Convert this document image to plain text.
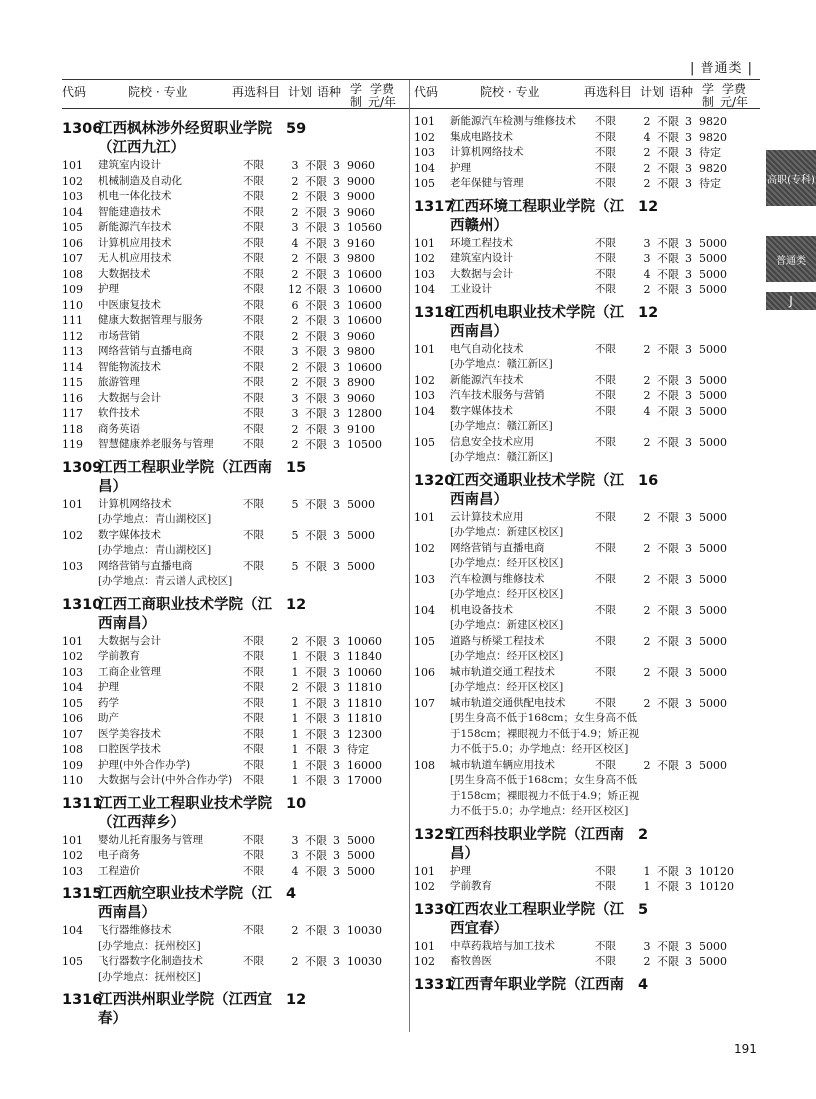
| 普通类 |
代码	院校 · 专业	再选科目 计划 语种 学
制
学费
元/年
1306
江西枫林涉外经贸职业学院（江西九江）
59
101	建筑室内设计	不限	3 不限 3 9060
102	机械制造及自动化	不限	2 不限 3 9000
103	机电一体化技术	不限	2 不限 3 9000
104	智能建造技术	不限	2 不限 3 9060
105	新能源汽车技术	不限	3 不限 3 10560
106	计算机应用技术	不限	4 不限 3 9160
107	无人机应用技术	不限	2 不限 3 9800
108	大数据技术	不限	2 不限 3 10600
109	护理	不限	12 不限 3 10600
110	中医康复技术	不限	6 不限 3 10600
111	健康大数据管理与服务	不限	2 不限 3 10600
112	市场营销	不限	2 不限 3 9060
113	网络营销与直播电商	不限	3 不限 3 9800
114	智能物流技术	不限	2 不限 3 10600
115	旅游管理	不限	2 不限 3 8900
116	大数据与会计	不限	3 不限 3 9060
117	软件技术	不限	3 不限 3 12800
118	商务英语	不限	2 不限 3 9100
119	智慧健康养老服务与管理	不限	2 不限 3 10500
1309
江西工程职业学院（江西南昌）
15
101	计算机网络技术	不限	5 不限 3 5000
[办学地点：青山湖校区]
102	数字媒体技术	不限	5 不限 3 5000
[办学地点：青山湖校区]
103	网络营销与直播电商	不限	5 不限 3 5000
[办学地点：青云谱人武校区]
1310
江西工商职业技术学院（江西南昌）
12
101	大数据与会计	不限	2 不限 3 10060
102	学前教育	不限	1 不限 3 11840
103	工商企业管理	不限	1 不限 3 10060
104	护理	不限	2 不限 3 11810
105	药学	不限	1 不限 3 11810
106	助产	不限	1 不限 3 11810
107	医学美容技术	不限	1 不限 3 12300
108	口腔医学技术	不限	1 不限 3 待定
109	护理(中外合作办学)	不限	1 不限 3 16000
110	大数据与会计(中外合作办学)	不限	1 不限 3 17000
1311
江西工业工程职业技术学院（江西萍乡）
10
101	婴幼儿托育服务与管理	不限	3 不限 3 5000
102	电子商务	不限	3 不限 3 5000
103	工程造价	不限	4 不限 3 5000
1315
江西航空职业技术学院（江西南昌）
4
104	飞行器维修技术	不限	2 不限 3 10030
[办学地点：抚州校区]
105	飞行器数字化制造技术	不限	2 不限 3 10030
[办学地点：抚州校区]
1316
江西洪州职业学院（江西宜春）
12
代码	院校 · 专业	再选科目 计划 语种 学
制
学费
元/年
101	新能源汽车检测与维修技术	不限	2 不限 3 9820
102	集成电路技术	不限	4 不限 3 9820
103	计算机网络技术	不限	2 不限 3 待定
104	护理	不限	2 不限 3 9820
105	老年保健与管理	不限	2 不限 3 待定
1317
江西环境工程职业学院（江西赣州）
12
101	环境工程技术	不限	3 不限 3 5000
102	建筑室内设计	不限	3 不限 3 5000
103	大数据与会计	不限	4 不限 3 5000
104	工业设计	不限	2 不限 3 5000
1318
江西机电职业技术学院（江西南昌）
12
101	电气自动化技术	不限	2 不限 3 5000
[办学地点：赣江新区]
102	新能源汽车技术	不限	2 不限 3 5000
103	汽车技术服务与营销	不限	2 不限 3 5000
104	数字媒体技术	不限	4 不限 3 5000
[办学地点：赣江新区]
105	信息安全技术应用	不限	2 不限 3 5000
[办学地点：赣江新区]
1320
江西交通职业技术学院（江西南昌）
16
101	云计算技术应用	不限	2 不限 3 5000
[办学地点：新建区校区]
102	网络营销与直播电商	不限	2 不限 3 5000
[办学地点：经开区校区]
103	汽车检测与维修技术	不限	2 不限 3 5000
[办学地点：经开区校区]
104	机电设备技术	不限	2 不限 3 5000
[办学地点：新建区校区]
105	道路与桥梁工程技术	不限	2 不限 3 5000
[办学地点：经开区校区]
106	城市轨道交通工程技术	不限	2 不限 3 5000
[办学地点：经开区校区]
107	城市轨道交通供配电技术	不限	2 不限 3 5000
[男生身高不低于168cm；女生身高不低于158cm；裸眼视力不低于4.9；矫正视力不低于5.0；办学地点：经开区校区]
108	城市轨道车辆应用技术	不限	2 不限 3 5000
[男生身高不低于168cm；女生身高不低于158cm；裸眼视力不低于4.9；矫正视力不低于5.0；办学地点：经开区校区]
1325
江西科技职业学院（江西南昌）
2
101	护理	不限	1 不限 3 10120
102	学前教育	不限	1 不限 3 10120
1330
江西农业工程职业学院（江西宜春）
5
101	中草药栽培与加工技术	不限	3 不限 3 5000
102	畜牧兽医	不限	2 不限 3 5000
1331
江西青年职业学院（江西南 4
高职(专科)
普通类
J
191
